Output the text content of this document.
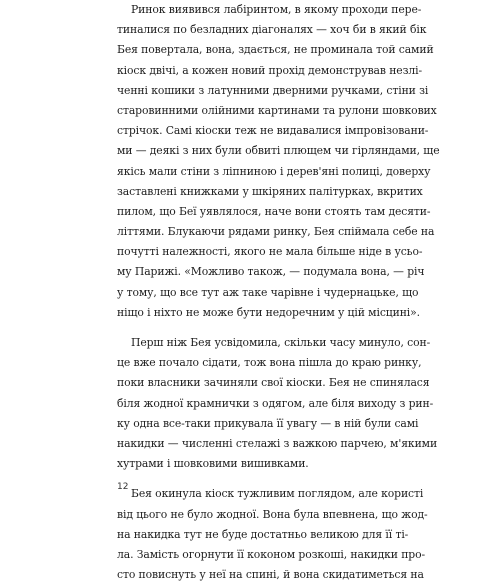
Ринок виявився лабіринтом, в якому проходи пере-
тиналися по безладних діагоналях — хоч би в який бік
Бея повертала, вона, здається, не проминала той самий
кіоск двічі, а кожен новий прохід демонстрував незлі-
ченні кошики з латунними дверними ручками, стіни зі
старовинними олійними картинами та рулони шовкових
стрічок. Самі кіоски теж не видавалися імпровізовани-
ми — деякі з них були обвиті плющем чи гірляндами, ще
якісь мали стіни з ліпниною і дерев'яні полиці, доверху
заставлені книжками у шкіряних палітурках, вкритих
пилом, що Беї уявлялося, наче вони стоять там десяти-
літтями. Блукаючи рядами ринку, Бея спіймала себе на
почутті належності, якого не мала більше ніде в усьо-
му Парижі. «Можливо також, — подумала вона, — річ
у тому, що все тут аж таке чарівне і чудернацьке, що
ніщо і ніхто не може бути недоречним у цій місцині».

Перш ніж Бея усвідомила, скільки часу минуло, сон-
це вже почало сідати, тож вона пішла до краю ринку,
поки власники зачиняли свої кіоски. Бея не спинялася
біля жодної крамнички з одягом, але біля виходу з рин-
ку одна все-таки прикувала її увагу — в ній були самі
накидки — численні стелажі з важкою парчею, м'якими
хутрами і шовковими вишивками.

Бея окинула кіоск тужливим поглядом, але користі
від цього не було жодної. Вона була впевнена, що жод-
на накидка тут не буде достатньо великою для її ті-
ла. Замість огорнути її коконом розкоші, накидки про-
сто повиснуть у неї на спині, й вона скидатиметься на

12
